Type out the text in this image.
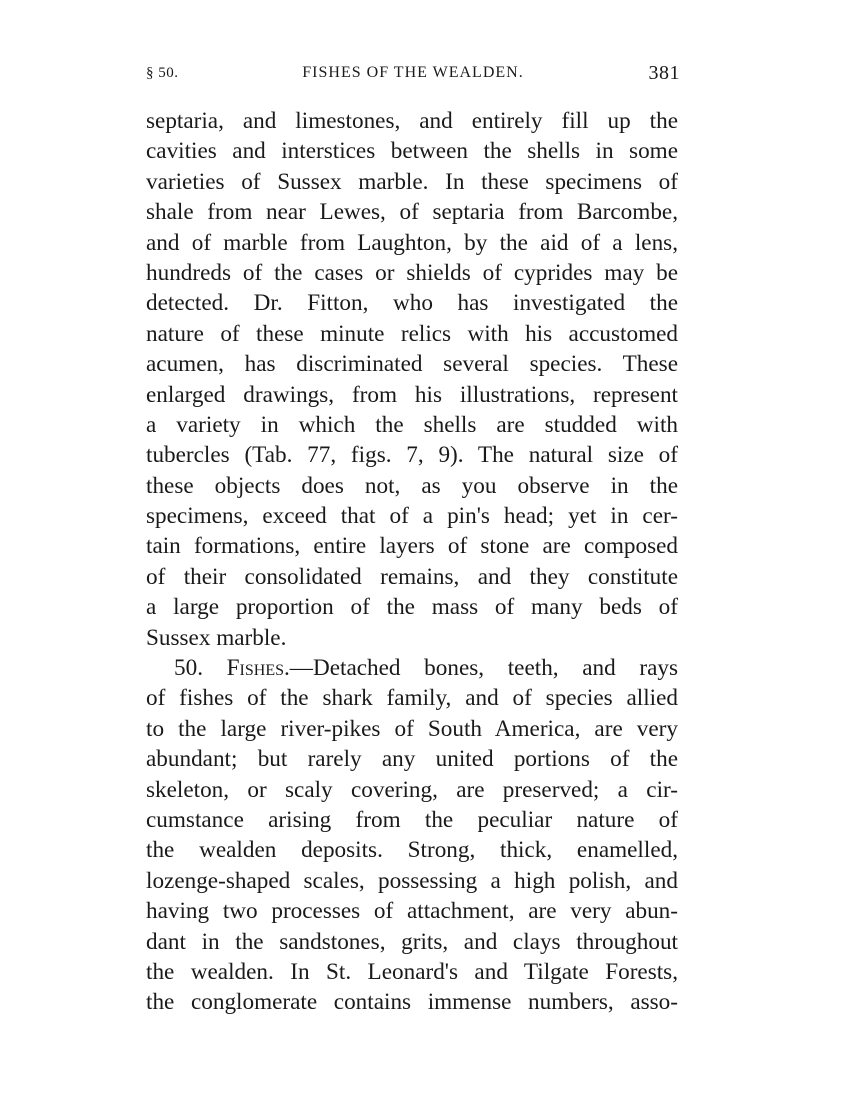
§ 50.	FISHES OF THE WEALDEN.	381
septaria, and limestones, and entirely fill up the
cavities and interstices between the shells in some
varieties of Sussex marble. In these specimens of
shale from near Lewes, of septaria from Barcombe,
and of marble from Laughton, by the aid of a lens,
hundreds of the cases or shields of cyprides may be
detected. Dr. Fitton, who has investigated the
nature of these minute relics with his accustomed
acumen, has discriminated several species. These
enlarged drawings, from his illustrations, represent
a variety in which the shells are studded with
tubercles (Tab. 77, figs. 7, 9). The natural size of
these objects does not, as you observe in the
specimens, exceed that of a pin's head; yet in cer-
tain formations, entire layers of stone are composed
of their consolidated remains, and they constitute
a large proportion of the mass of many beds of
Sussex marble.
50. Fishes.—Detached bones, teeth, and rays
of fishes of the shark family, and of species allied
to the large river-pikes of South America, are very
abundant; but rarely any united portions of the
skeleton, or scaly covering, are preserved; a cir-
cumstance arising from the peculiar nature of
the wealden deposits. Strong, thick, enamelled,
lozenge-shaped scales, possessing a high polish, and
having two processes of attachment, are very abun-
dant in the sandstones, grits, and clays throughout
the wealden. In St. Leonard's and Tilgate Forests,
the conglomerate contains immense numbers, asso-
